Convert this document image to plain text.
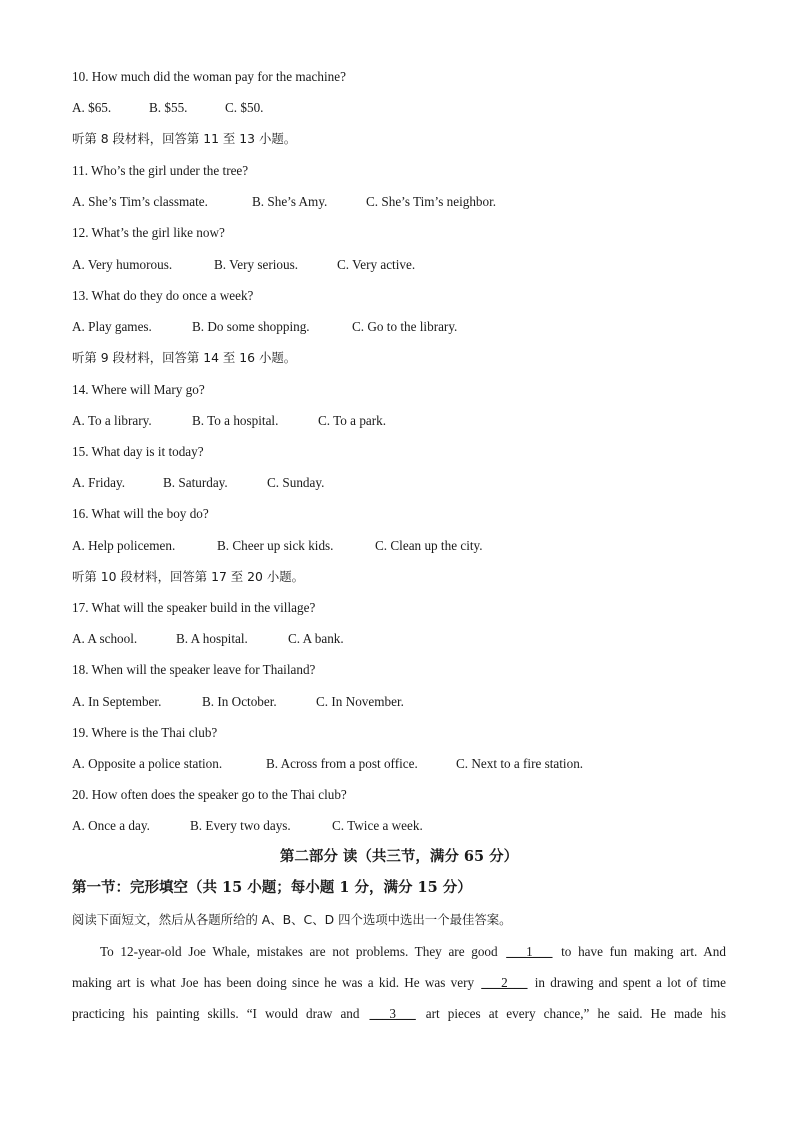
10. How much did the woman pay for the machine?
A. $65.	B. $55.	C. $50.
听第 8 段材料，回答第 11 至 13 小题。
11. Who’s the girl under the tree?
A. She’s Tim’s classmate.	B. She’s Amy.	C. She’s Tim’s neighbor.
12. What’s the girl like now?
A. Very humorous.	B. Very serious.	C. Very active.
13. What do they do once a week?
A. Play games.	B. Do some shopping.	C. Go to the library.
听第 9 段材料，回答第 14 至 16 小题。
14. Where will Mary go?
A. To a library.	B. To a hospital.	C. To a park.
15. What day is it today?
A. Friday.	B. Saturday.	C. Sunday.
16. What will the boy do?
A. Help policemen.	B. Cheer up sick kids.	C. Clean up the city.
听第 10 段材料，回答第 17 至 20 小题。
17. What will the speaker build in the village?
A. A school.	B. A hospital.	C. A bank.
18. When will the speaker leave for Thailand?
A. In September.	B. In October.	C. In November.
19. Where is the Thai club?
A. Opposite a police station.	B. Across from a post office.	C. Next to a fire station.
20. How often does the speaker go to the Thai club?
A. Once a day.	B. Every two days.	C. Twice a week.
第二部分 读（共三节，满分 65 分）
第一节：完形填空（共 15 小题；每小题 1 分，满分 15 分）
阅读下面短文，然后从各题所给的 A、B、C、D 四个选项中选出一个最佳答案。
To 12-year-old Joe Whale, mistakes are not problems. They are good ___1___ to have fun making art. And
making art is what Joe has been doing since he was a kid. He was very ___2___ in drawing and spent a lot of time
practicing his painting skills. “I would draw and ___3___ art pieces at every chance,” he said. He made his
